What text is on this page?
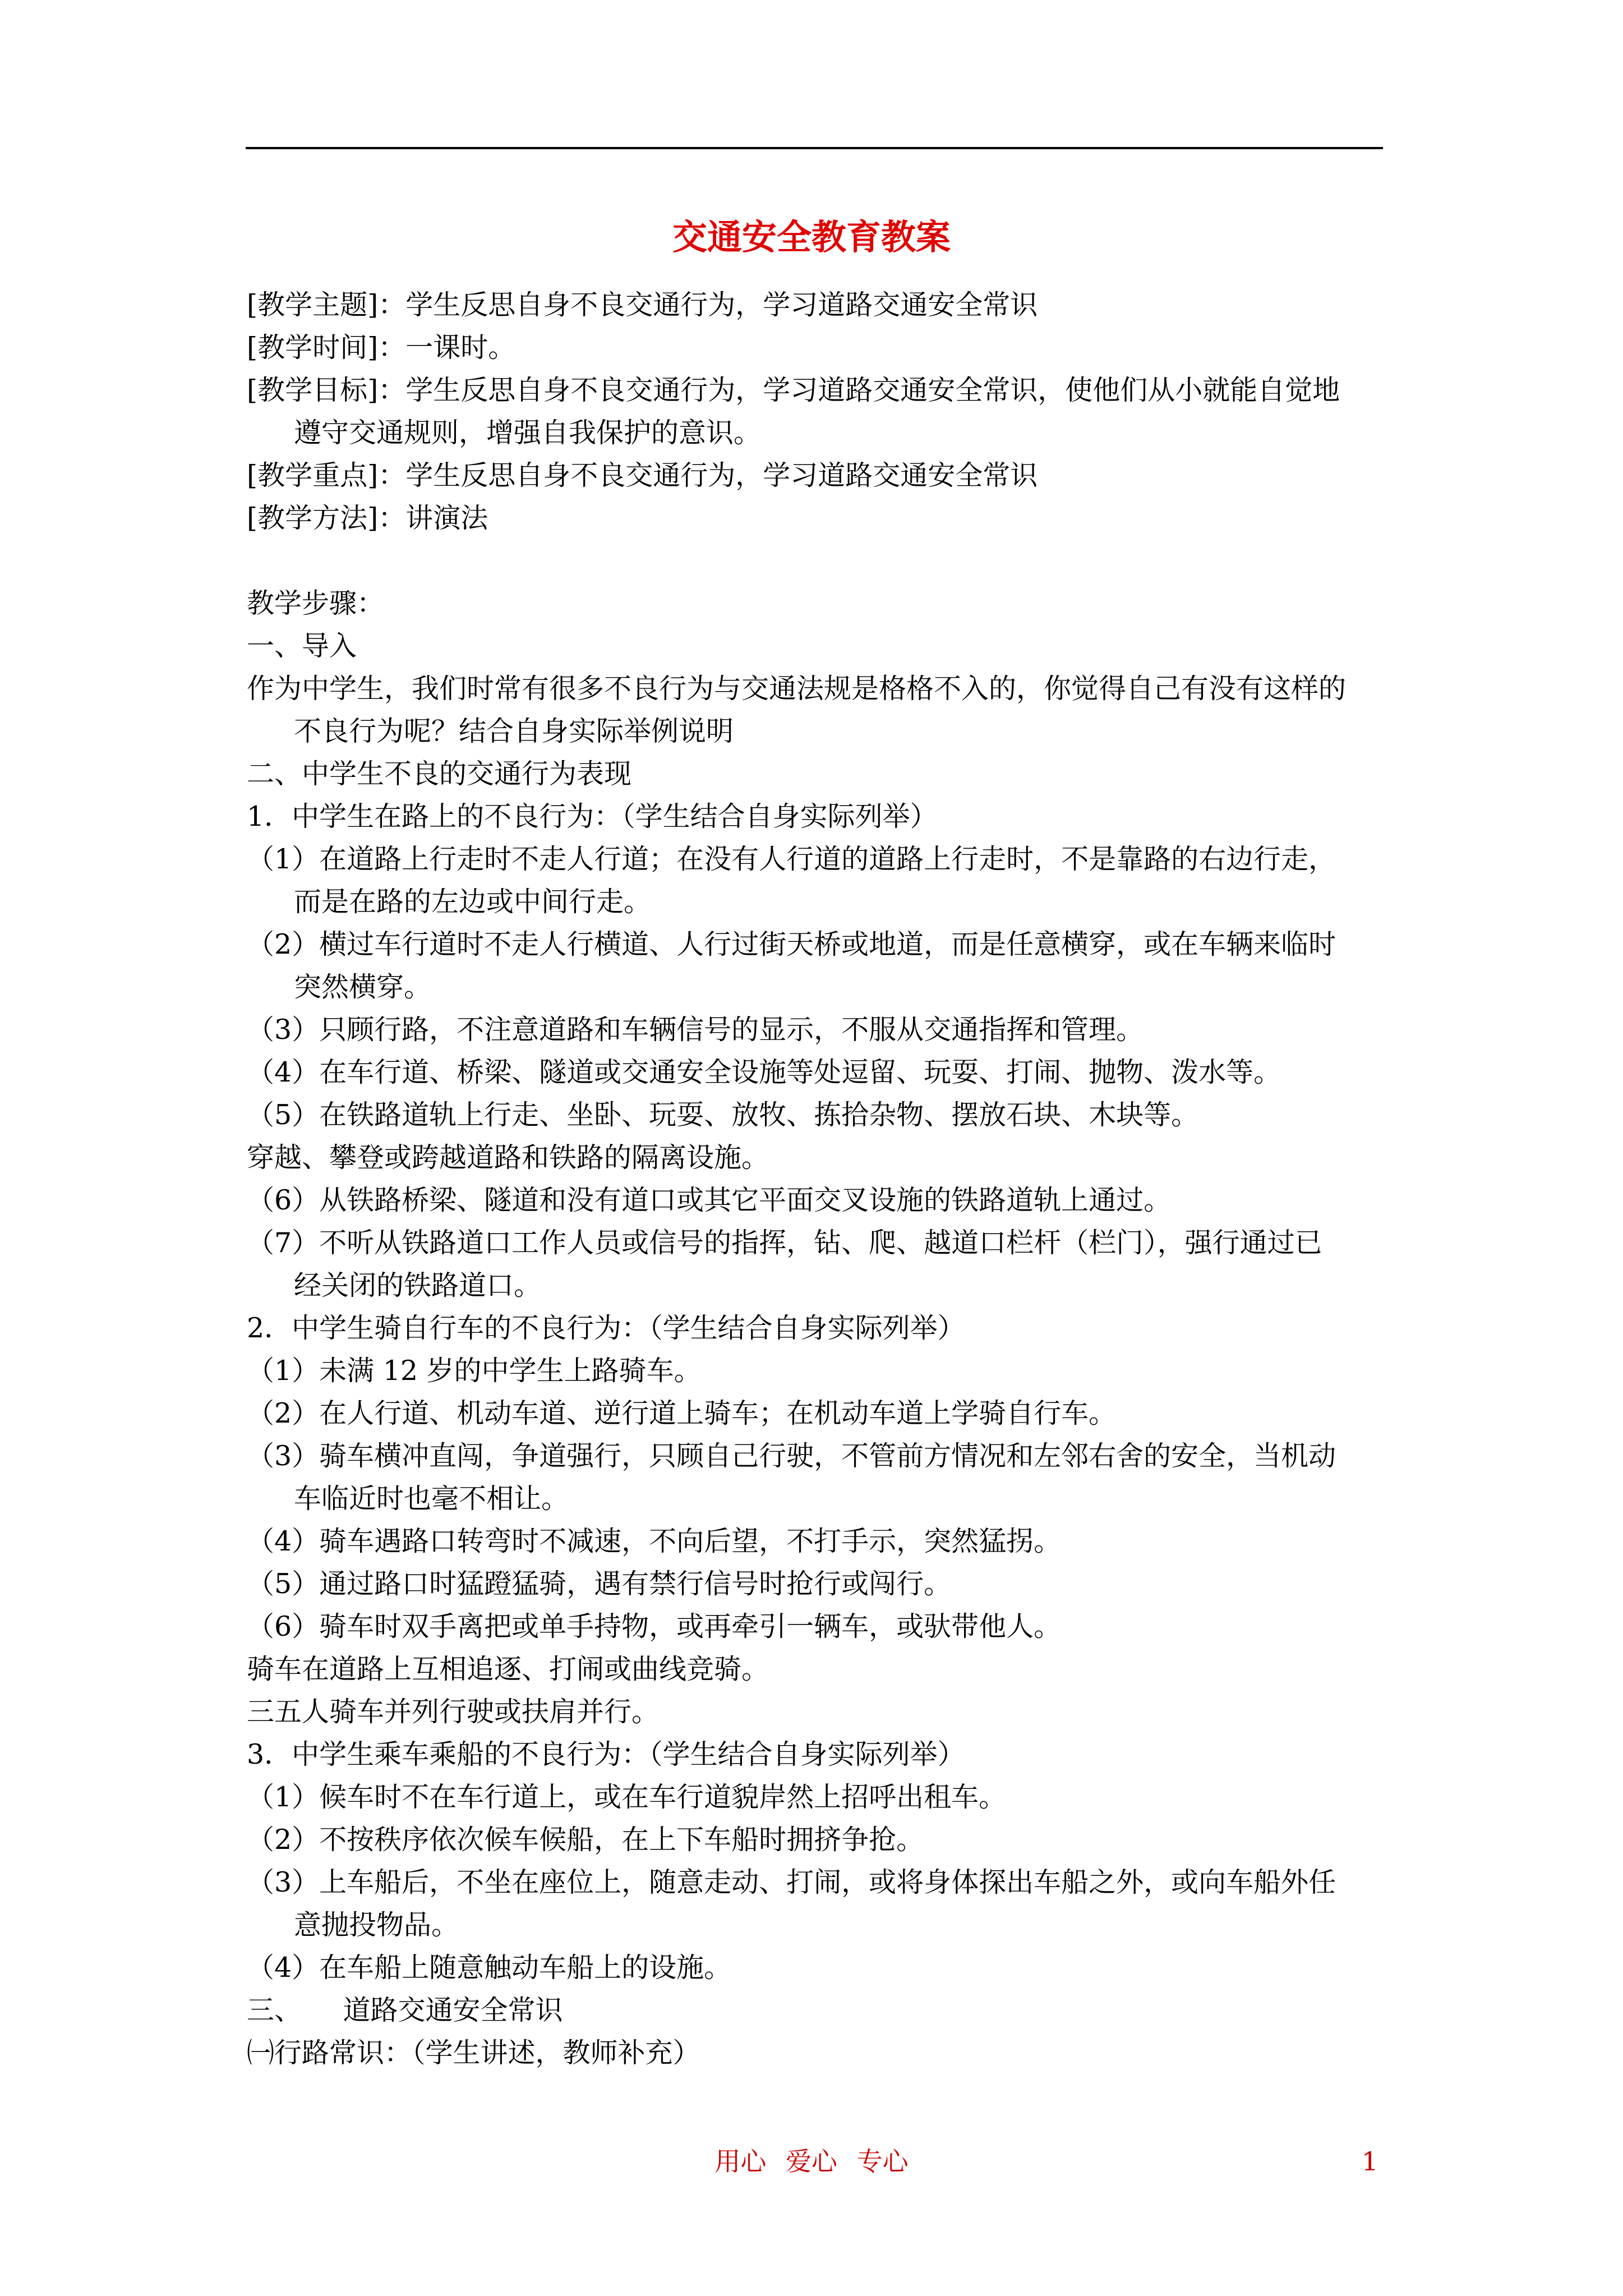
交通安全教育教案
[教学主题]：学生反思自身不良交通行为，学习道路交通安全常识
[教学时间]：一课时。
[教学目标]：学生反思自身不良交通行为，学习道路交通安全常识，使他们从小就能自觉地
遵守交通规则，增强自我保护的意识。
[教学重点]：学生反思自身不良交通行为，学习道路交通安全常识
[教学方法]：讲演法
教学步骤：
一、导入
作为中学生，我们时常有很多不良行为与交通法规是格格不入的，你觉得自己有没有这样的
不良行为呢？结合自身实际举例说明
二、中学生不良的交通行为表现
1．中学生在路上的不良行为：（学生结合自身实际列举）
（1）在道路上行走时不走人行道；在没有人行道的道路上行走时，不是靠路的右边行走，
而是在路的左边或中间行走。
（2）横过车行道时不走人行横道、人行过街天桥或地道，而是任意横穿，或在车辆来临时
突然横穿。
（3）只顾行路，不注意道路和车辆信号的显示，不服从交通指挥和管理。
（4）在车行道、桥梁、隧道或交通安全设施等处逗留、玩耍、打闹、抛物、泼水等。
（5）在铁路道轨上行走、坐卧、玩耍、放牧、拣拾杂物、摆放石块、木块等。
穿越、攀登或跨越道路和铁路的隔离设施。
（6）从铁路桥梁、隧道和没有道口或其它平面交叉设施的铁路道轨上通过。
（7）不听从铁路道口工作人员或信号的指挥，钻、爬、越道口栏杆（栏门），强行通过已
经关闭的铁路道口。
2．中学生骑自行车的不良行为：（学生结合自身实际列举）
（1）未满 12 岁的中学生上路骑车。
（2）在人行道、机动车道、逆行道上骑车；在机动车道上学骑自行车。
（3）骑车横冲直闯，争道强行，只顾自己行驶，不管前方情况和左邻右舍的安全，当机动
车临近时也毫不相让。
（4）骑车遇路口转弯时不减速，不向后望，不打手示，突然猛拐。
（5）通过路口时猛蹬猛骑，遇有禁行信号时抢行或闯行。
（6）骑车时双手离把或单手持物，或再牵引一辆车，或驮带他人。
骑车在道路上互相追逐、打闹或曲线竞骑。
三五人骑车并列行驶或扶肩并行。
3．中学生乘车乘船的不良行为：（学生结合自身实际列举）
（1）候车时不在车行道上，或在车行道貌岸然上招呼出租车。
（2）不按秩序依次候车候船，在上下车船时拥挤争抢。
（3）上车船后，不坐在座位上，随意走动、打闹，或将身体探出车船之外，或向车船外任
意抛投物品。
（4）在车船上随意触动车船上的设施。
三、　　道路交通安全常识
㈠行路常识：（学生讲述，教师补充）
用心 爱心 专心	1
